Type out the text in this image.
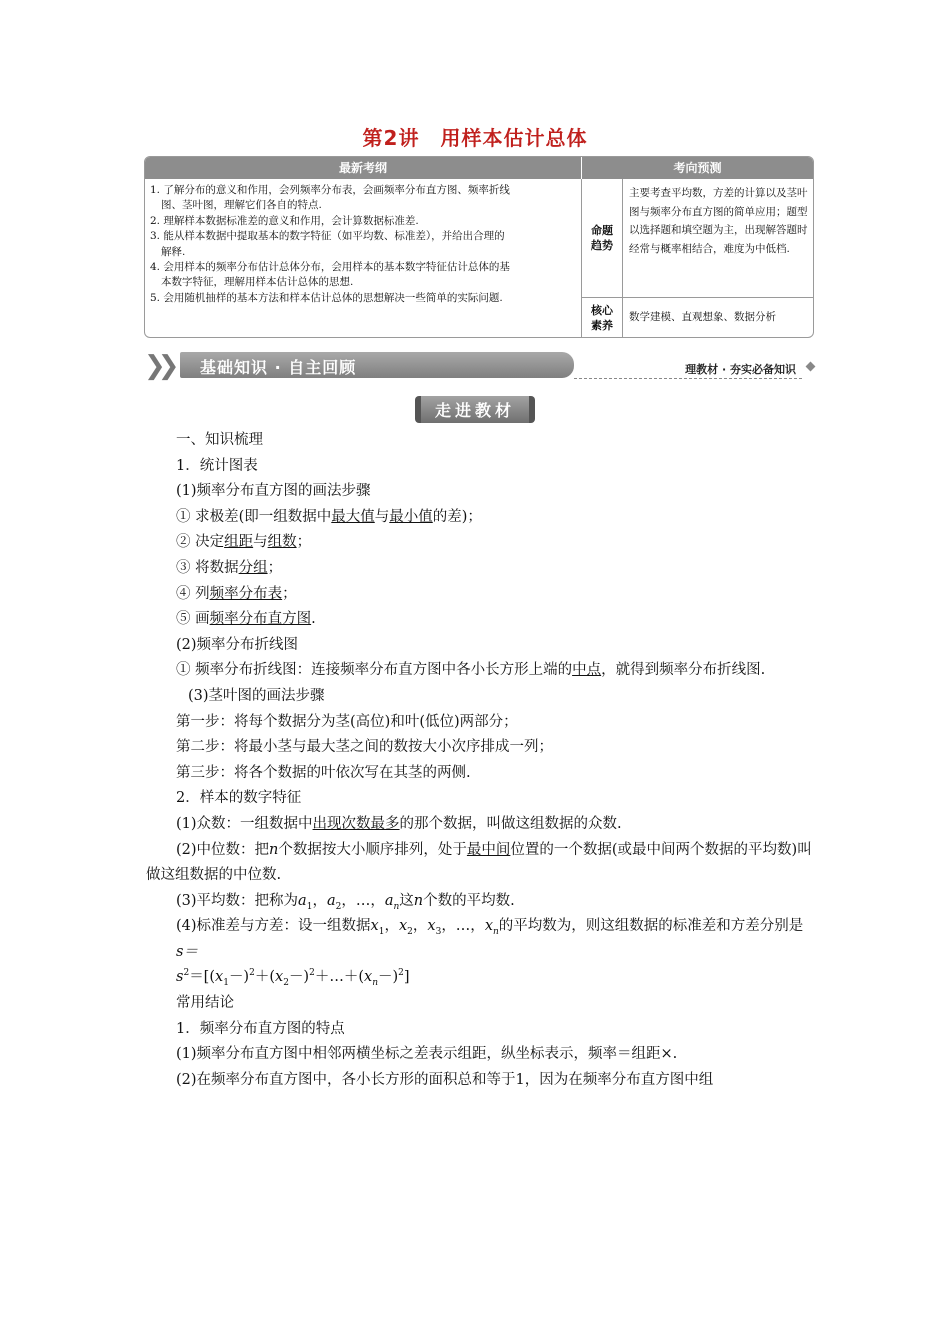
第2讲　用样本估计总体
最新考纲	考向预测

1. 了解分布的意义和作用，会列频率分布表，会画频率分布直方图、频率折线

图、茎叶图，理解它们各自的特点.

2. 理解样本数据标准差的意义和作用，会计算数据标准差.

3. 能从样本数据中提取基本的数字特征（如平均数、标准差），并给出合理的

解释.

4. 会用样本的频率分布估计总体分布，会用样本的基本数字特征估计总体的基

本数字特征，理解用样本估计总体的思想.

5. 会用随机抽样的基本方法和样本估计总体的思想解决一些简单的实际问题.

命题
趋势
主要考查平均数，方差的计算以及茎叶图与频率分布直方图的简单应用；题型以选择题和填空题为主，出现解答题时经常与概率相结合，难度为中低档.
核心
素养
数学建模、直观想象、数据分析
❯❯ 基础知识 · 自主回顾	理教材 · 夯实必备知识
走进教材

一、知识梳理

1．统计图表

(1)频率分布直方图的画法步骤

① 求极差(即一组数据中最大值与最小值的差)；

② 决定组距与组数；

③ 将数据分组；

④ 列频率分布表；

⑤ 画频率分布直方图.

(2)频率分布折线图

① 频率分布折线图：连接频率分布直方图中各小长方形上端的中点，就得到频率分布折线图.

(3)茎叶图的画法步骤

第一步：将每个数据分为茎(高位)和叶(低位)两部分；

第二步：将最小茎与最大茎之间的数按大小次序排成一列；

第三步：将各个数据的叶依次写在其茎的两侧.

2．样本的数字特征

(1)众数：一组数据中出现次数最多的那个数据，叫做这组数据的众数.

(2)中位数：把n个数据按大小顺序排列，处于最中间位置的一个数据(或最中间两个数据的平均数)叫做这组数据的中位数.

(3)平均数：把称为$a_1$，$a_2$，…，$a_n$这n个数的平均数.

(4)标准差与方差：设一组数据$x_1$，$x_2$，$x_3$，…，$x_n$的平均数为，则这组数据的标准差和方差分别是

s＝

$s^2=[(x_1-)^2+(x_2-)^2+\dots+(x_n-)^2]$

常用结论

1．频率分布直方图的特点

(1)频率分布直方图中相邻两横坐标之差表示组距，纵坐标表示，频率＝组距×.

(2)在频率分布直方图中，各小长方形的面积总和等于1，因为在频率分布直方图中组
